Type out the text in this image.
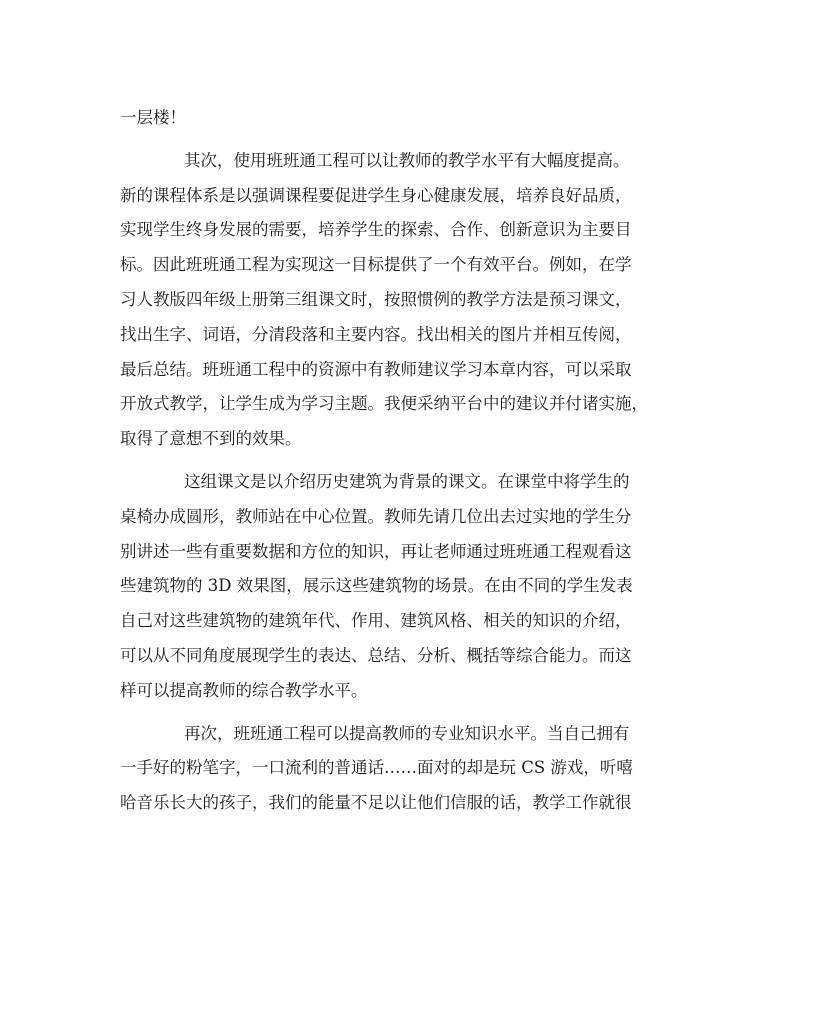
一层楼！
其次，使用班班通工程可以让教师的教学水平有大幅度提高。
新的课程体系是以强调课程要促进学生身心健康发展，培养良好品质，
实现学生终身发展的需要，培养学生的探索、合作、创新意识为主要目
标。因此班班通工程为实现这一目标提供了一个有效平台。例如，在学
习人教版四年级上册第三组课文时，按照惯例的教学方法是预习课文，
找出生字、词语，分清段落和主要内容。找出相关的图片并相互传阅，
最后总结。班班通工程中的资源中有教师建议学习本章内容，可以采取
开放式教学，让学生成为学习主题。我便采纳平台中的建议并付诸实施，
取得了意想不到的效果。
这组课文是以介绍历史建筑为背景的课文。在课堂中将学生的
桌椅办成圆形，教师站在中心位置。教师先请几位出去过实地的学生分
别讲述一些有重要数据和方位的知识，再让老师通过班班通工程观看这
些建筑物的 3D 效果图，展示这些建筑物的场景。在由不同的学生发表
自己对这些建筑物的建筑年代、作用、建筑风格、相关的知识的介绍，
可以从不同角度展现学生的表达、总结、分析、概括等综合能力。而这
样可以提高教师的综合教学水平。
再次，班班通工程可以提高教师的专业知识水平。当自己拥有
一手好的粉笔字，一口流利的普通话……面对的却是玩 CS 游戏，听嘻
哈音乐长大的孩子，我们的能量不足以让他们信服的话，教学工作就很
